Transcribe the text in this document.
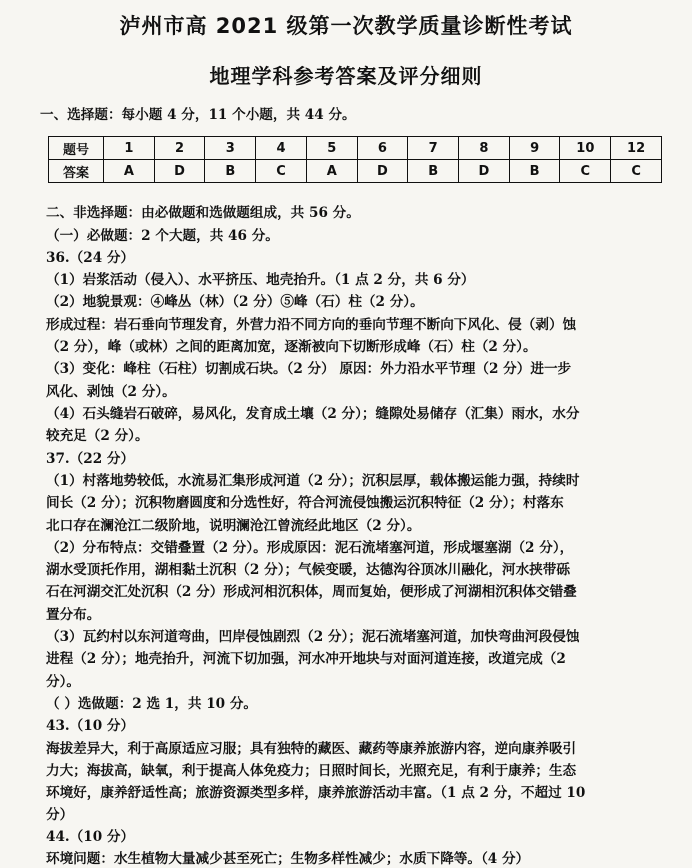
泸州市高 2021 级第一次教学质量诊断性考试
地理学科参考答案及评分细则
一、选择题：每小题 4 分，11 个小题，共 44 分。
题号	1	2	3	4	5	6	7	8	9	10	12
答案	A	D	B	C	A	D	B	D	B	C	C
二、非选择题：由必做题和选做题组成，共 56 分。
（一）必做题：2 个大题，共 46 分。
36.（24 分）
（1）岩浆活动（侵入）、水平挤压、地壳抬升。（1 点 2 分，共 6 分）
（2）地貌景观：④峰丛（林）（2 分）⑤峰（石）柱（2 分）。
形成过程：岩石垂向节理发育，外营力沿不同方向的垂向节理不断向下风化、侵（剥）蚀
（2 分），峰（或林）之间的距离加宽，逐渐被向下切断形成峰（石）柱（2 分）。
（3）变化：峰柱（石柱）切割成石块。（2 分） 原因：外力沿水平节理（2 分）进一步
风化、剥蚀（2 分）。
（4）石头缝岩石破碎，易风化，发育成土壤（2 分）；缝隙处易储存（汇集）雨水，水分
较充足（2 分）。
37.（22 分）
（1）村落地势较低，水流易汇集形成河道（2 分）；沉积层厚，载体搬运能力强，持续时
间长（2 分）；沉积物磨圆度和分选性好，符合河流侵蚀搬运沉积特征（2 分）；村落东
北口存在澜沧江二级阶地，说明澜沧江曾流经此地区（2 分）。
（2）分布特点：交错叠置（2 分）。形成原因：泥石流堵塞河道，形成堰塞湖（2 分），
湖水受顶托作用，湖相黏土沉积（2 分）；气候变暖，达德沟谷顶冰川融化，河水挟带砾
石在河湖交汇处沉积（2 分）形成河相沉积体，周而复始，便形成了河湖相沉积体交错叠
置分布。
（3）瓦约村以东河道弯曲，凹岸侵蚀剧烈（2 分）；泥石流堵塞河道，加快弯曲河段侵蚀
进程（2 分）；地壳抬升，河流下切加强，河水冲开地块与对面河道连接，改道完成（2
分）。
（ ）选做题：2 选 1，共 10 分。
43.（10 分）
海拔差异大，利于高原适应习服；具有独特的藏医、藏药等康养旅游内容，逆向康养吸引
力大；海拔高，缺氧，利于提高人体免疫力；日照时间长，光照充足，有利于康养；生态
环境好，康养舒适性高；旅游资源类型多样，康养旅游活动丰富。（1 点 2 分，不超过 10
分）
44.（10 分）
环境问题：水生植物大量减少甚至死亡；生物多样性减少；水质下降等。（4 分）
